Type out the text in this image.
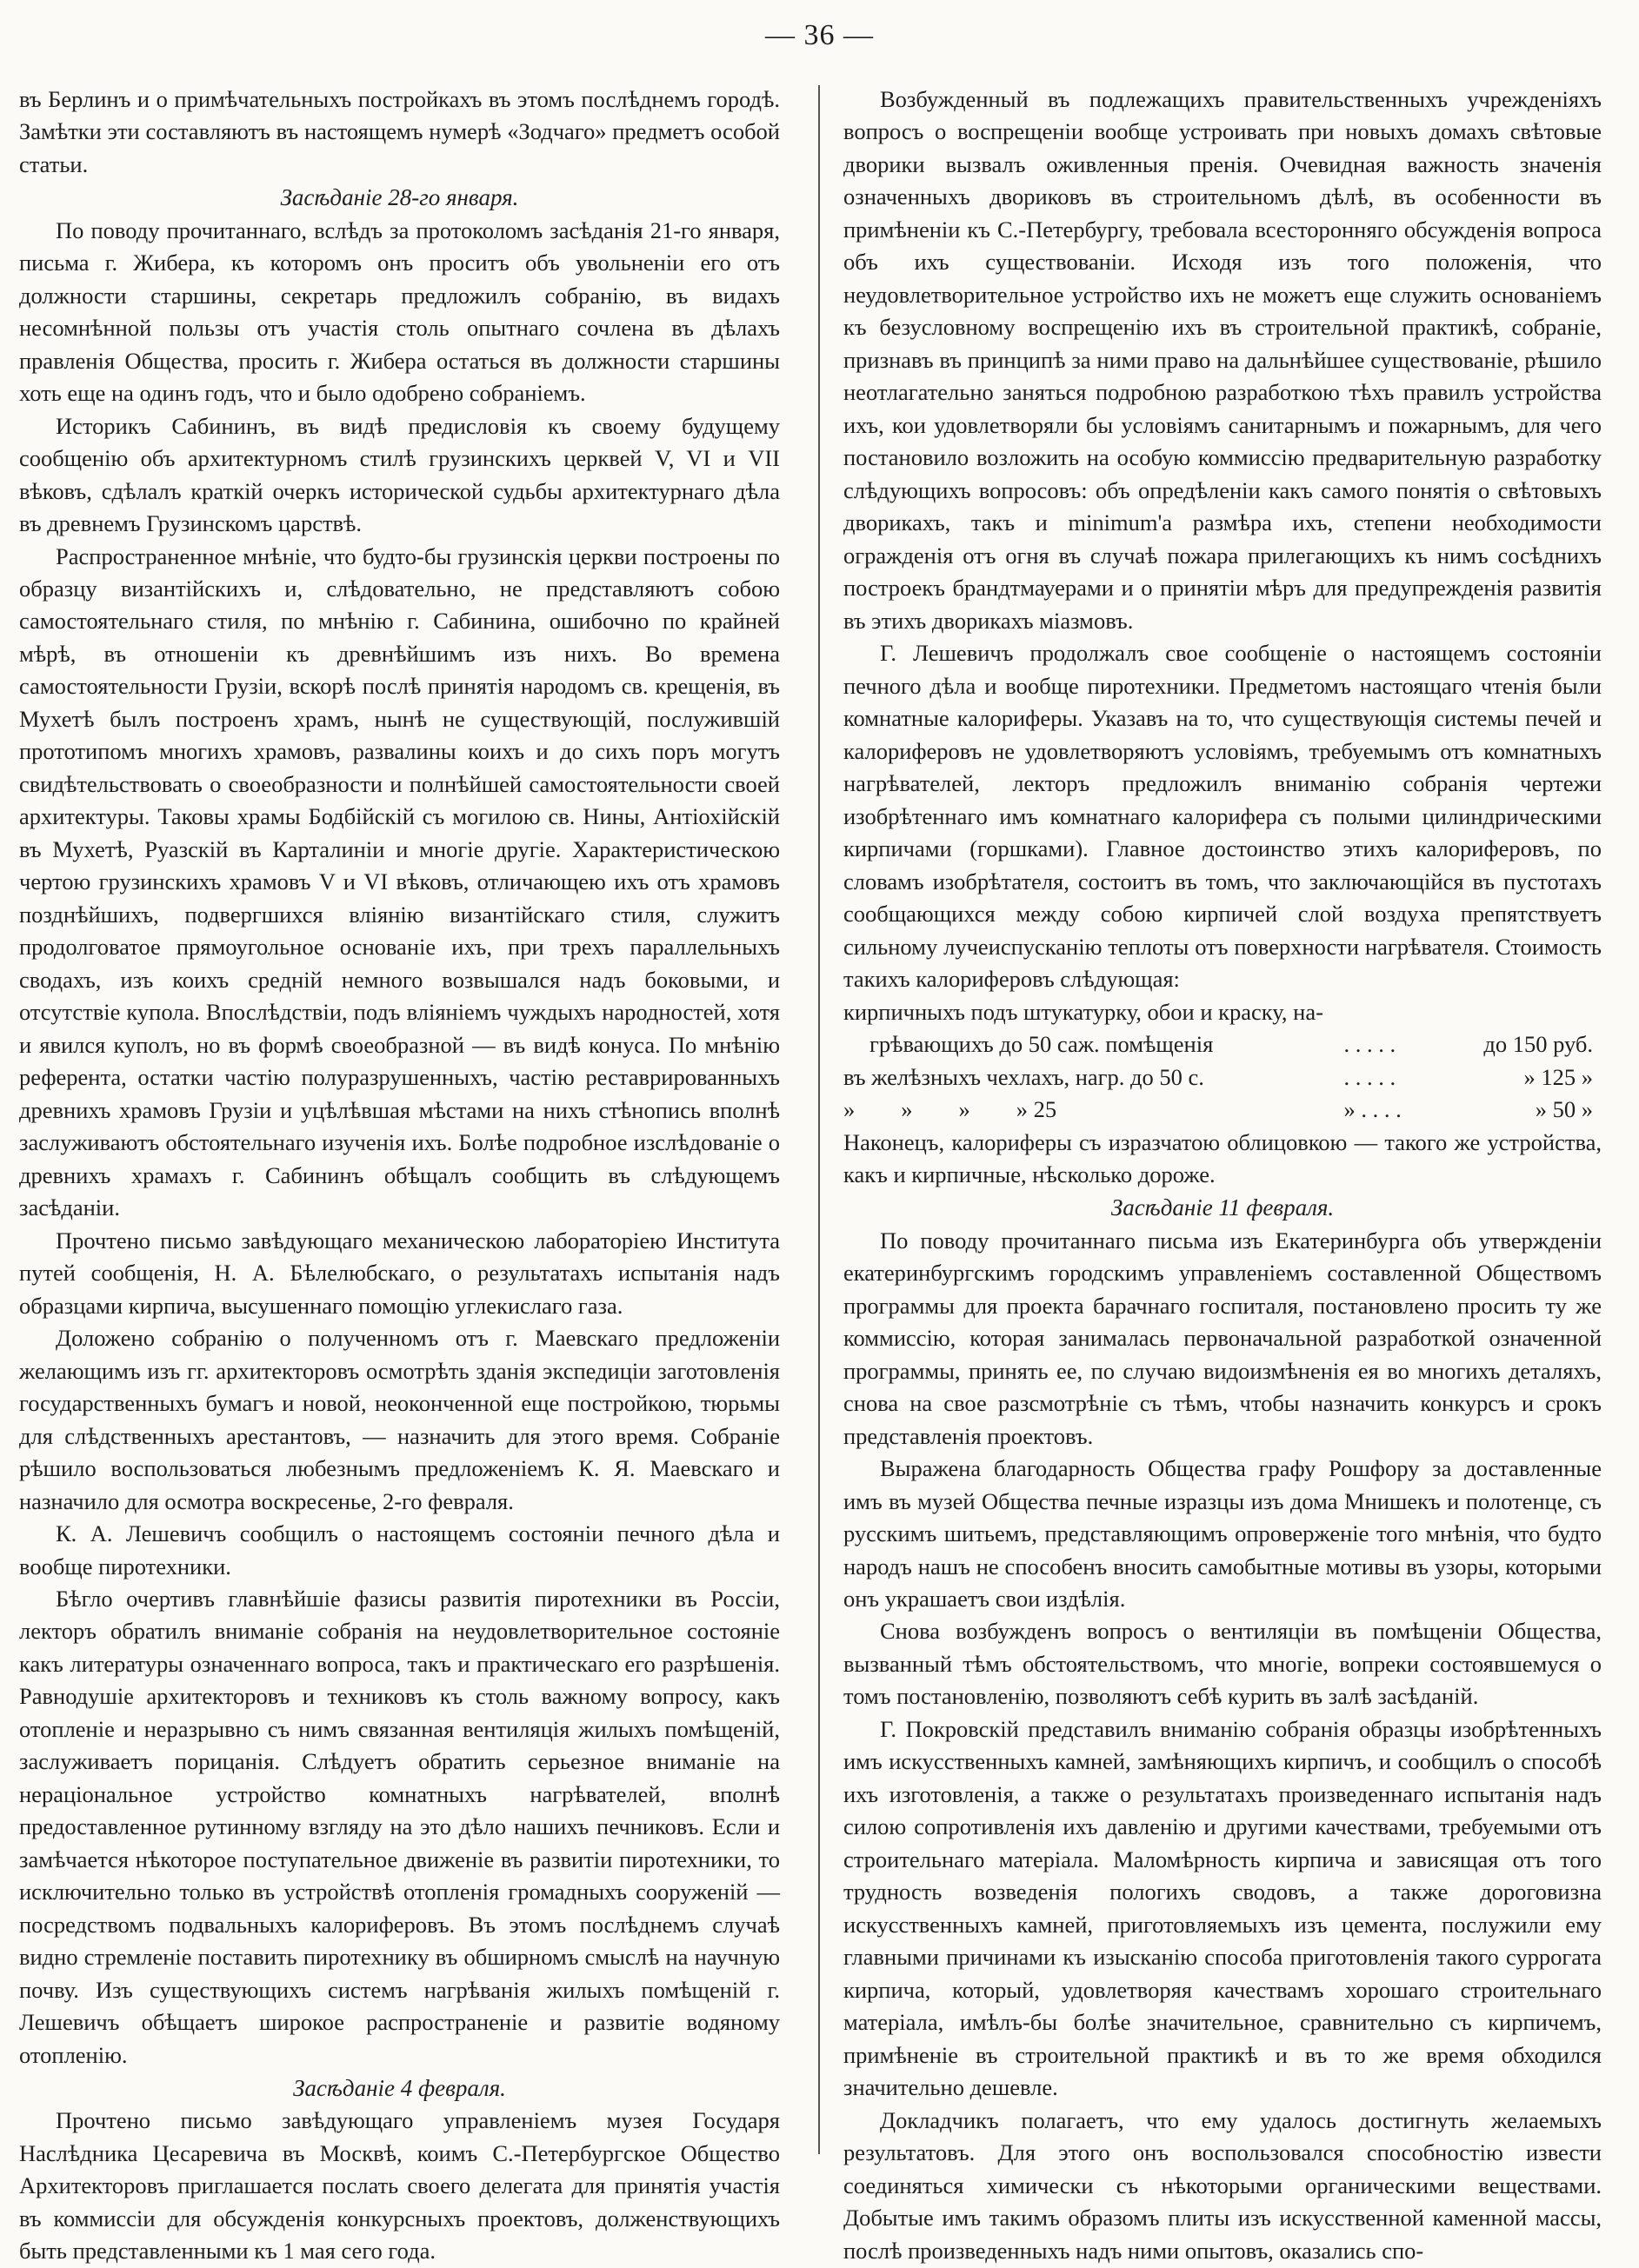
— 36 —

въ Берлинъ и о примѣчательныхъ постройкахъ въ этомъ послѣднемъ городѣ. Замѣтки эти составляютъ въ настоящемъ нумерѣ «Зодчаго» предметъ особой статьи.

Засѣданіе 28-го января.

По поводу прочитаннаго, вслѣдъ за протоколомъ засѣданія 21-го января, письма г. Жибера, къ которомъ онъ проситъ объ увольненіи его отъ должности старшины, секретарь предложилъ собранію, въ видахъ несомнѣнной пользы отъ участія столь опытнаго сочлена въ дѣлахъ правленія Общества, просить г. Жибера остаться въ должности старшины хоть еще на одинъ годъ, что и было одобрено собраніемъ.

Историкъ Сабининъ, въ видѣ предисловія къ своему будущему сообщенію объ архитектурномъ стилѣ грузинскихъ церквей V, VI и VII вѣковъ, сдѣлалъ краткій очеркъ исторической судьбы архитектурнаго дѣла въ древнемъ Грузинскомъ царствѣ.

Распространенное мнѣніе, что будто-бы грузинскія церкви построены по образцу византійскихъ и, слѣдовательно, не представляютъ собою самостоятельнаго стиля, по мнѣнію г. Сабинина, ошибочно по крайней мѣрѣ, въ отношеніи къ древнѣйшимъ изъ нихъ. Во времена самостоятельности Грузіи, вскорѣ послѣ принятія народомъ св. крещенія, въ Мухетѣ былъ построенъ храмъ, нынѣ не существующій, послужившій прототипомъ многихъ храмовъ, развалины коихъ и до сихъ поръ могутъ свидѣтельствовать о своеобразности и полнѣйшей самостоятельности своей архитектуры. Таковы храмы Бодбійскій съ могилою св. Нины, Антіохійскій въ Мухетѣ, Руазскій въ Карталиніи и многіе другіе. Характеристическою чертою грузинскихъ храмовъ V и VI вѣковъ, отличающею ихъ отъ храмовъ позднѣйшихъ, подвергшихся вліянію византійскаго стиля, служитъ продолговатое прямоугольное основаніе ихъ, при трехъ параллельныхъ сводахъ, изъ коихъ средній немного возвышался надъ боковыми, и отсутствіе купола. Впослѣдствіи, подъ вліяніемъ чуждыхъ народностей, хотя и явился куполъ, но въ формѣ своеобразной — въ видѣ конуса. По мнѣнію референта, остатки частію полуразрушенныхъ, частію реставрированныхъ древнихъ храмовъ Грузіи и уцѣлѣвшая мѣстами на нихъ стѣнопись вполнѣ заслуживаютъ обстоятельнаго изученія ихъ. Болѣе подробное изслѣдованіе о древнихъ храмахъ г. Сабининъ обѣщалъ сообщить въ слѣдующемъ засѣданіи.

Прочтено письмо завѣдующаго механическою лабораторіею Института путей сообщенія, Н. А. Бѣлелюбскаго, о результатахъ испытанія надъ образцами кирпича, высушеннаго помощію углекислаго газа.

Доложено собранію о полученномъ отъ г. Маевскаго предложеніи желающимъ изъ гг. архитекторовъ осмотрѣть зданія экспедиціи заготовленія государственныхъ бумагъ и новой, неоконченной еще постройкою, тюрьмы для слѣдственныхъ арестантовъ, — назначить для этого время. Собраніе рѣшило воспользоваться любезнымъ предложеніемъ К. Я. Маевскаго и назначило для осмотра воскресенье, 2-го февраля.

К. А. Лешевичъ сообщилъ о настоящемъ состояніи печного дѣла и вообще пиротехники.

Бѣгло очертивъ главнѣйшіе фазисы развитія пиротехники въ Россіи, лекторъ обратилъ вниманіе собранія на неудовлетворительное состояніе какъ литературы означеннаго вопроса, такъ и практическаго его разрѣшенія. Равнодушіе архитекторовъ и техниковъ къ столь важному вопросу, какъ отопленіе и неразрывно съ нимъ связанная вентиляція жилыхъ помѣщеній, заслуживаетъ порицанія. Слѣдуетъ обратить серьезное вниманіе на нераціональное устройство комнатныхъ нагрѣвателей, вполнѣ предоставленное рутинному взгляду на это дѣло нашихъ печниковъ. Если и замѣчается нѣкоторое поступательное движеніе въ развитіи пиротехники, то исключительно только въ устройствѣ отопленія громадныхъ сооруженій — посредствомъ подвальныхъ калориферовъ. Въ этомъ послѣднемъ случаѣ видно стремленіе поставить пиротехнику въ обширномъ смыслѣ на научную почву. Изъ существующихъ системъ нагрѣванія жилыхъ помѣщеній г. Лешевичъ обѣщаетъ широкое распространеніе и развитіе водяному отопленію.

Засѣданіе 4 февраля.

Прочтено письмо завѣдующаго управленіемъ музея Государя Наслѣдника Цесаревича въ Москвѣ, коимъ С.-Петербургское Общество Архитекторовъ приглашается послать своего делегата для принятія участія въ коммиссіи для обсужденія конкурсныхъ проектовъ, долженствующихъ быть представленными къ 1 мая сего года.

Возбужденный въ подлежащихъ правительственныхъ учрежденіяхъ вопросъ о воспрещеніи вообще устроивать при новыхъ домахъ свѣтовые дворики вызвалъ оживленныя пренія. Очевидная важность значенія означенныхъ двориковъ въ строительномъ дѣлѣ, въ особенности въ примѣненіи къ С.-Петербургу, требовала всесторонняго обсужденія вопроса объ ихъ существованіи. Исходя изъ того положенія, что неудовлетворительное устройство ихъ не можетъ еще служить основаніемъ къ безусловному воспрещенію ихъ въ строительной практикѣ, собраніе, признавъ въ принципѣ за ними право на дальнѣйшее существованіе, рѣшило неотлагательно заняться подробною разработкою тѣхъ правилъ устройства ихъ, кои удовлетворяли бы условіямъ санитарнымъ и пожарнымъ, для чего постановило возложить на особую коммиссію предварительную разработку слѣдующихъ вопросовъ: объ опредѣленіи какъ самого понятія о свѣтовыхъ дворикахъ, такъ и minimum'а размѣра ихъ, степени необходимости огражденія отъ огня въ случаѣ пожара прилегающихъ къ нимъ сосѣднихъ построекъ брандтмауерами и о принятіи мѣръ для предупрежденія развитія въ этихъ дворикахъ міазмовъ.

Г. Лешевичъ продолжалъ свое сообщеніе о настоящемъ состояніи печного дѣла и вообще пиротехники. Предметомъ настоящаго чтенія были комнатные калориферы. Указавъ на то, что существующія системы печей и калориферовъ не удовлетворяютъ условіямъ, требуемымъ отъ комнатныхъ нагрѣвателей, лекторъ предложилъ вниманію собранія чертежи изобрѣтеннаго имъ комнатнаго калорифера съ полыми цилиндрическими кирпичами (горшками). Главное достоинство этихъ калориферовъ, по словамъ изобрѣтателя, состоитъ въ томъ, что заключающійся въ пустотахъ сообщающихся между собою кирпичей слой воздуха препятствуетъ сильному лучеиспусканію теплоты отъ поверхности нагрѣвателя. Стоимость такихъ калориферовъ слѣдующая:

кирпичныхъ подъ штукатурку, обои и краску, на-		
грѣвающихъ до 50 саж. помѣщенія	. . . . .	до 150 руб.
въ желѣзныхъ чехлахъ, нагр. до 50 с.	. . . . .	» 125 »
»        »        »        » 25	» . . . .	» 50 »

Наконецъ, калориферы съ изразчатою облицовкою — такого же устройства, какъ и кирпичные, нѣсколько дороже.

Засѣданіе 11 февраля.

По поводу прочитаннаго письма изъ Екатеринбурга объ утвержденіи екатеринбургскимъ городскимъ управленіемъ составленной Обществомъ программы для проекта барачнаго госпиталя, постановлено просить ту же коммиссію, которая занималась первоначальной разработкой означенной программы, принять ее, по случаю видоизмѣненія ея во многихъ деталяхъ, снова на свое разсмотрѣніе съ тѣмъ, чтобы назначить конкурсъ и срокъ представленія проектовъ.

Выражена благодарность Общества графу Рошфору за доставленные имъ въ музей Общества печные изразцы изъ дома Мнишекъ и полотенце, съ русскимъ шитьемъ, представляющимъ опроверженіе того мнѣнія, что будто народъ нашъ не способенъ вносить самобытные мотивы въ узоры, которыми онъ украшаетъ свои издѣлія.

Снова возбужденъ вопросъ о вентиляціи въ помѣщеніи Общества, вызванный тѣмъ обстоятельствомъ, что многіе, вопреки состоявшемуся о томъ постановленію, позволяютъ себѣ курить въ залѣ засѣданій.

Г. Покровскій представилъ вниманію собранія образцы изобрѣтенныхъ имъ искусственныхъ камней, замѣняющихъ кирпичъ, и сообщилъ о способѣ ихъ изготовленія, а также о результатахъ произведеннаго испытанія надъ силою сопротивленія ихъ давленію и другими качествами, требуемыми отъ строительнаго матеріала. Маломѣрность кирпича и зависящая отъ того трудность возведенія пологихъ сводовъ, а также дороговизна искусственныхъ камней, приготовляемыхъ изъ цемента, послужили ему главными причинами къ изысканію способа приготовленія такого суррогата кирпича, который, удовлетворяя качествамъ хорошаго строительнаго матеріала, имѣлъ-бы болѣе значительное, сравнительно съ кирпичемъ, примѣненіе въ строительной практикѣ и въ то же время обходился значительно дешевле.

Докладчикъ полагаетъ, что ему удалось достигнуть желаемыхъ результатовъ. Для этого онъ воспользовался способностію извести соединяться химически съ нѣкоторыми органическими веществами. Добытые имъ такимъ образомъ плиты изъ искусственной каменной массы, послѣ произведенныхъ надъ ними опытовъ, оказались спо-
